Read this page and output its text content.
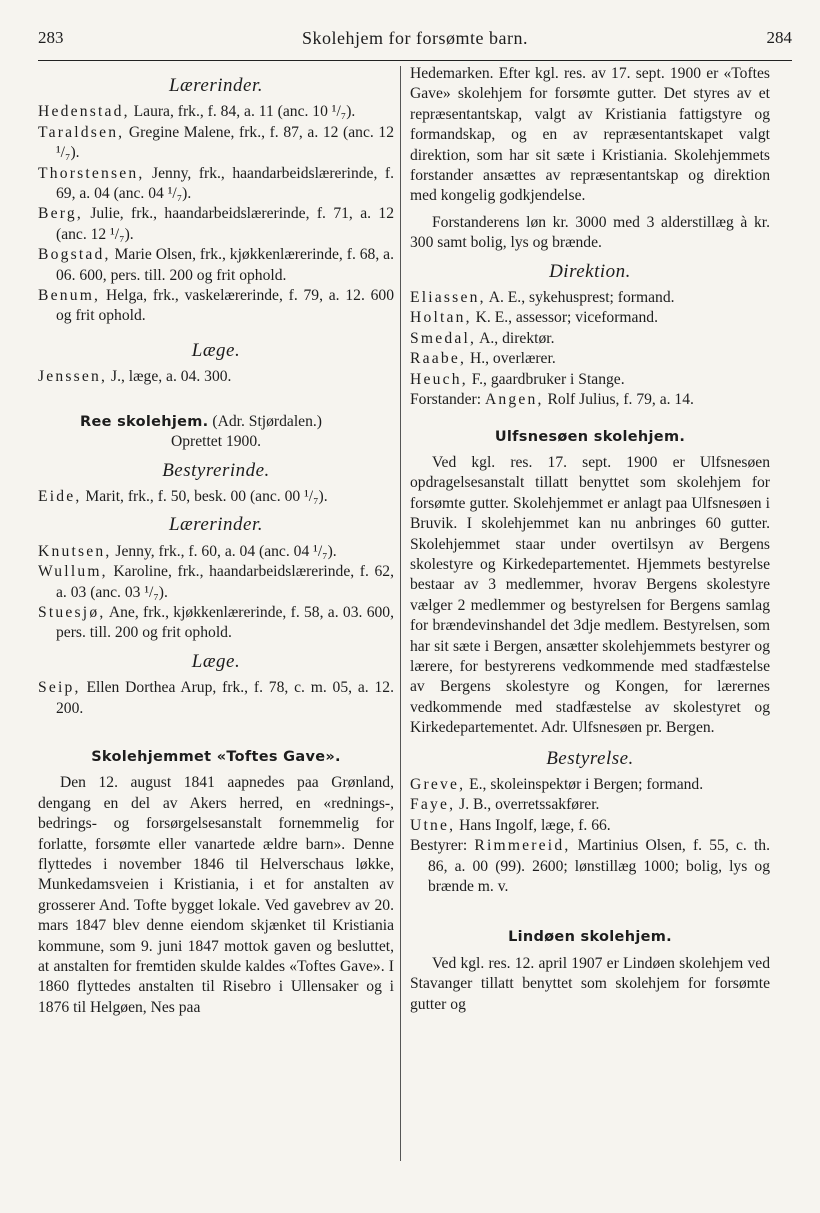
283	Skolehjem for forsømte barn.	284
Lærerinder.

Hedenstad, Laura, frk., f. 84, a. 11 (anc. 10 ¹/₇).

Taraldsen, Gregine Malene, frk., f. 87, a. 12 (anc. 12 ¹/₇).

Thorstensen, Jenny, frk., haandarbeidslærerinde, f. 69, a. 04 (anc. 04 ¹/₇).

Berg, Julie, frk., haandarbeidslærerinde, f. 71, a. 12 (anc. 12 ¹/₇).

Bogstad, Marie Olsen, frk., kjøkkenlærerinde, f. 68, a. 06. 600, pers. till. 200 og frit ophold.

Benum, Helga, frk., vaskelærerinde, f. 79, a. 12. 600 og frit ophold.

Læge.

Jenssen, J., læge, a. 04. 300.

Ree skolehjem. (Adr. Stjørdalen.)

Oprettet 1900.

Bestyrerinde.

Eide, Marit, frk., f. 50, besk. 00 (anc. 00 ¹/₇).

Lærerinder.

Knutsen, Jenny, frk., f. 60, a. 04 (anc. 04 ¹/₇).

Wullum, Karoline, frk., haandarbeidslærerinde, f. 62, a. 03 (anc. 03 ¹/₇).

Stuesjø, Ane, frk., kjøkkenlærerinde, f. 58, a. 03. 600, pers. till. 200 og frit ophold.

Læge.

Seip, Ellen Dorthea Arup, frk., f. 78, c. m. 05, a. 12. 200.

Skolehjemmet «Toftes Gave».

Den 12. august 1841 aapnedes paa Grønland, dengang en del av Akers herred, en «rednings-, bedrings- og forsørgelsesanstalt fornemmelig for forlatte, forsømte eller vanartede ældre barn». Denne flyttedes i november 1846 til Helverschaus løkke, Munkedamsveien i Kristiania, i et for anstalten av grosserer And. Tofte bygget lokale. Ved gavebrev av 20. mars 1847 blev denne eiendom skjænket til Kristiania kommune, som 9. juni 1847 mottok gaven og besluttet, at anstalten for fremtiden skulde kaldes «Toftes Gave». I 1860 flyttedes anstalten til Risebro i Ullensaker og i 1876 til Helgøen, Nes paa

Hedemarken. Efter kgl. res. av 17. sept. 1900 er «Toftes Gave» skolehjem for forsømte gutter. Det styres av et repræsentantskap, valgt av Kristiania fattigstyre og formandskap, og en av repræsentantskapet valgt direktion, som har sit sæte i Kristiania. Skolehjemmets forstander ansættes av repræsentantskap og direktion med kongelig godkjendelse.

Forstanderens løn kr. 3000 med 3 alderstillæg à kr. 300 samt bolig, lys og brænde.

Direktion.

Eliassen, A. E., sykehusprest; formand.

Holtan, K. E., assessor; viceformand.

Smedal, A., direktør.

Raabe, H., overlærer.

Heuch, F., gaardbruker i Stange.

Forstander: Angen, Rolf Julius, f. 79, a. 14.

Ulfsnesøen skolehjem.

Ved kgl. res. 17. sept. 1900 er Ulfsnesøen opdragelsesanstalt tillatt benyttet som skolehjem for forsømte gutter. Skolehjemmet er anlagt paa Ulfsnesøen i Bruvik. I skolehjemmet kan nu anbringes 60 gutter. Skolehjemmet staar under overtilsyn av Bergens skolestyre og Kirkedepartementet. Hjemmets bestyrelse bestaar av 3 medlemmer, hvorav Bergens skolestyre vælger 2 medlemmer og bestyrelsen for Bergens samlag for brændevinshandel det 3dje medlem. Bestyrelsen, som har sit sæte i Bergen, ansætter skolehjemmets bestyrer og lærere, for bestyrerens vedkommende med stadfæstelse av Bergens skolestyre og Kongen, for lærernes vedkommende med stadfæstelse av skolestyret og Kirkedepartementet. Adr. Ulfsnesøen pr. Bergen.

Bestyrelse.

Greve, E., skoleinspektør i Bergen; formand.

Faye, J. B., overretssakfører.

Utne, Hans Ingolf, læge, f. 66.

Bestyrer: Rimmereid, Martinius Olsen, f. 55, c. th. 86, a. 00 (99). 2600; lønstillæg 1000; bolig, lys og brænde m. v.

Lindøen skolehjem.

Ved kgl. res. 12. april 1907 er Lindøen skolehjem ved Stavanger tillatt benyttet som skolehjem for forsømte gutter og
